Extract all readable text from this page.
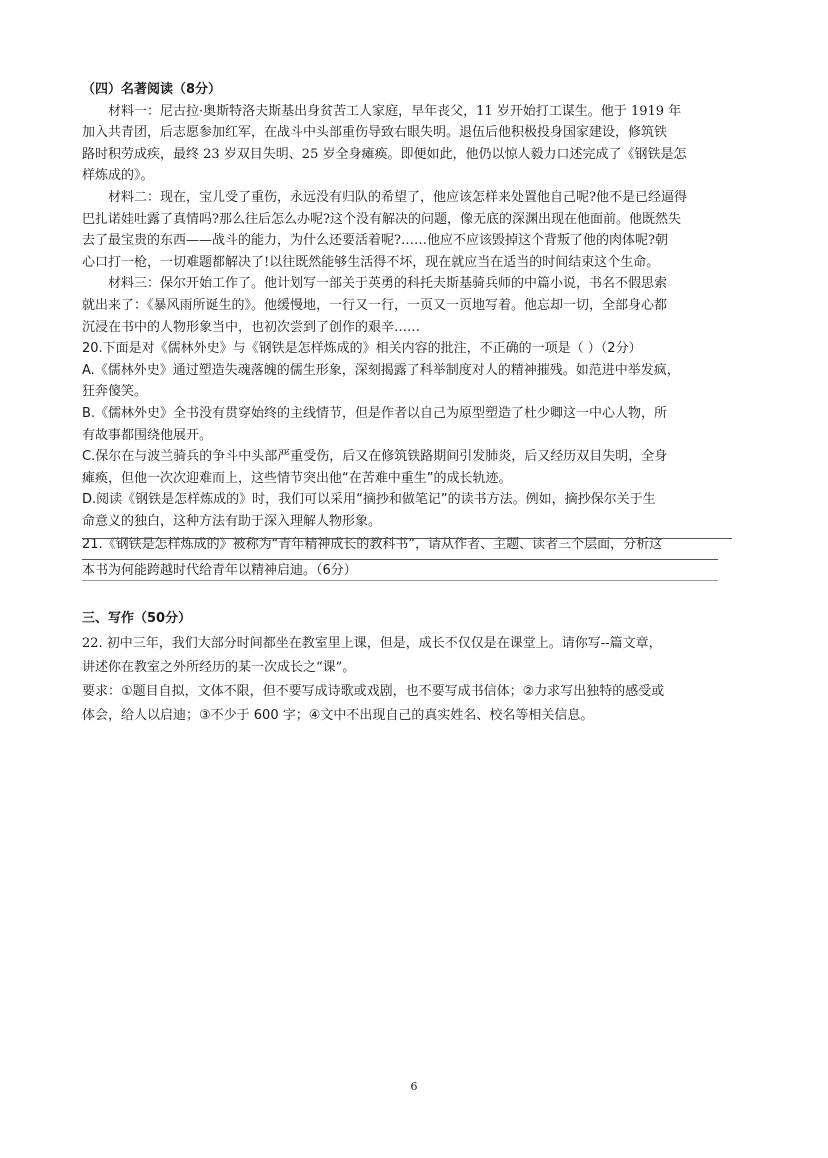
（四）名著阅读（8分）
材料一：尼古拉·奥斯特洛夫斯基出身贫苦工人家庭，早年丧父，11 岁开始打工谋生。他于 1919 年
加入共青团，后志愿参加红军，在战斗中头部重伤导致右眼失明。退伍后他积极投身国家建设，修筑铁
路时积劳成疾，最终 23 岁双目失明、25 岁全身瘫痪。即便如此，他仍以惊人毅力口述完成了《钢铁是怎
样炼成的》。
材料二：现在，宝儿受了重伤，永远没有归队的希望了，他应该怎样来处置他自己呢?他不是已经逼得
巴扎诺娃吐露了真情吗?那么往后怎么办呢?这个没有解决的问题，像无底的深渊出现在他面前。他既然失
去了最宝贵的东西——战斗的能力，为什么还要活着呢?……他应不应该毁掉这个背叛了他的肉体呢?朝
心口打一枪，一切难题都解决了!以往既然能够生活得不坏，现在就应当在适当的时间结束这个生命。
材料三：保尔开始工作了。他计划写一部关于英勇的科托夫斯基骑兵师的中篇小说，书名不假思索
就出来了：《暴风雨所诞生的》。他缓慢地，一行又一行，一页又一页地写着。他忘却一切，全部身心都
沉浸在书中的人物形象当中，也初次尝到了创作的艰辛……
20.下面是对《儒林外史》与《钢铁是怎样炼成的》相关内容的批注，不正确的一项是（ ）（2分）
A.《儒林外史》通过塑造失魂落魄的儒生形象，深刻揭露了科举制度对人的精神摧残。如范进中举发疯，
狂奔傻笑。
B.《儒林外史》全书没有贯穿始终的主线情节，但是作者以自己为原型塑造了杜少卿这一中心人物，所
有故事都围绕他展开。
C.保尔在与波兰骑兵的争斗中头部严重受伤，后又在修筑铁路期间引发肺炎，后又经历双目失明，全身
瘫痪，但他一次次迎难而上，这些情节突出他“在苦难中重生”的成长轨迹。
D.阅读《钢铁是怎样炼成的》时，我们可以采用“摘抄和做笔记”的读书方法。例如，摘抄保尔关于生
命意义的独白，这种方法有助于深入理解人物形象。
21.《钢铁是怎样炼成的》被称为“青年精神成长的教科书”，请从作者、主题、读者三个层面，分析这
本书为何能跨越时代给青年以精神启迪。（6分）
三、写作（50分）
22. 初中三年，我们大部分时间都坐在教室里上课，但是，成长不仅仅是在课堂上。请你写--篇文章，
讲述你在教室之外所经历的某一次成长之“课”。
要求：①题目自拟，文体不限，但不要写成诗歌或戏剧，也不要写成书信体；②力求写出独特的感受或
体会，给人以启迪；③不少于 600 字；④文中不出现自己的真实姓名、校名等相关信息。
6
